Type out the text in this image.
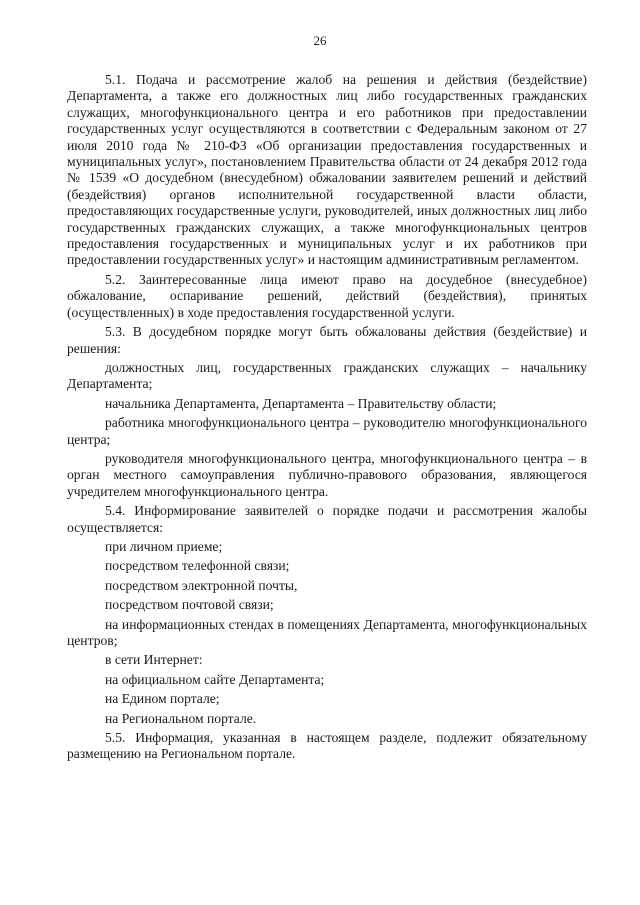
26

5.1. Подача и рассмотрение жалоб на решения и действия (бездействие) Департамента, а также его должностных лиц либо государственных гражданских служащих, многофункционального центра и его работников при предоставлении государственных услуг осуществляются в соответствии с Федеральным законом от 27 июля 2010 года № 210-ФЗ «Об организации предоставления государственных и муниципальных услуг», постановлением Правительства области от 24 декабря 2012 года № 1539 «О досудебном (внесудебном) обжаловании заявителем решений и действий (бездействия) органов исполнительной государственной власти области, предоставляющих государственные услуги, руководителей, иных должностных лиц либо государственных гражданских служащих, а также многофункциональных центров предоставления государственных и муниципальных услуг и их работников при предоставлении государственных услуг» и настоящим административным регламентом.

5.2. Заинтересованные лица имеют право на досудебное (внесудебное) обжалование, оспаривание решений, действий (бездействия), принятых (осуществленных) в ходе предоставления государственной услуги.

5.3. В досудебном порядке могут быть обжалованы действия (бездействие) и решения:

должностных лиц, государственных гражданских служащих – начальнику Департамента;

начальника Департамента, Департамента – Правительству области;

работника многофункционального центра – руководителю многофункционального центра;

руководителя многофункционального центра, многофункционального центра – в орган местного самоуправления публично-правового образования, являющегося учредителем многофункционального центра.

5.4. Информирование заявителей о порядке подачи и рассмотрения жалобы осуществляется:

при личном приеме;

посредством телефонной связи;

посредством электронной почты,

посредством почтовой связи;

на информационных стендах в помещениях Департамента, многофункциональных центров;

в сети Интернет:

на официальном сайте Департамента;

на Едином портале;

на Региональном портале.

5.5. Информация, указанная в настоящем разделе, подлежит обязательному размещению на Региональном портале.
